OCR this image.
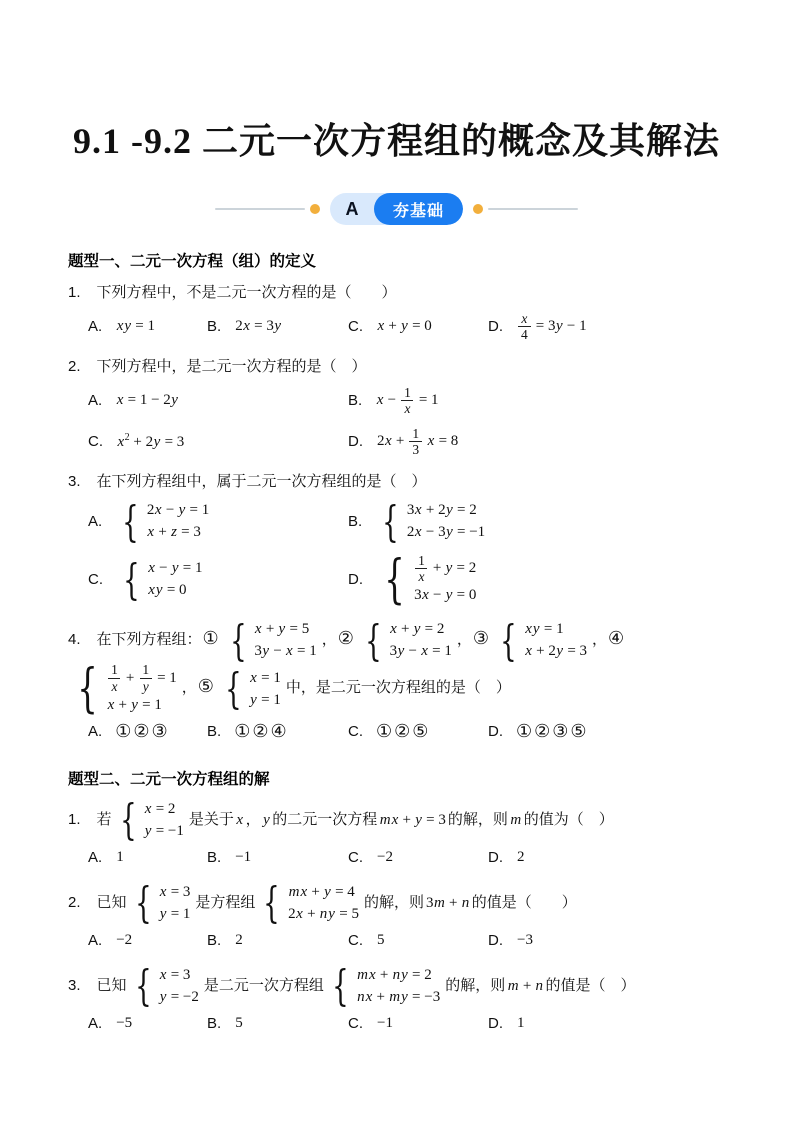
9.1 -9.2 二元一次方程组的概念及其解法
A	夯基础
题型一、二元一次方程（组）的定义
1. 下列方程中，不是二元一次方程的是（　　）
A. xy = 1	B. 2x = 3y	C. x + y = 0	D. $\frac{x}{4} = 3y - 1$
2. 下列方程中，是二元一次方程的是（　）
A. x = 1 − 2y	B. $x - \frac{1}{x} = 1$
C. $x^2 + 2y = 3$	D. $2x + \frac{1}{3}$ x = 8
3. 在下列方程组中，属于二元一次方程组的是（　）
A. { 2x − y = 1
x + z = 3
B. { 3x + 2y = 2
2x − 3y = −1
C. { x − y = 1
xy = 0
D. { $\frac{1}{x} + y = 2$
3x − y = 0
4. 在下列方程组：① { x + y = 5
3y − x = 1
，② { x + y = 2
3y − x = 1
，③ { xy = 1
x + 2y = 3
，④
{ $\frac{1}{x} + \frac{1}{y} = 1$
x + y = 1
，⑤ { x = 1
y = 1
中，是二元一次方程组的是（　）
A. ①②③ B. ①②④	C. ①②⑤	D. ①②③⑤
题型二、二元一次方程组的解
1. 若 { x = 2
y = −1
是关于 x ， y 的二元一次方程 mx + y = 3 的解，则 m 的值为（　）
A. 1	B. −1	C. −2	D. 2
2. 已知 { x = 3
y = 1
是方程组 { mx + y = 4
2x + ny = 5
的解，则 3m + n 的值是（　　）
A. −2	B. 2	C. 5	D. −3
3. 已知 { x = 3
y = −2
是二元一次方程组 { mx + ny = 2
nx + my = −3
的解，则 m + n 的值是（　）
A. −5	B. 5	C. −1	D. 1
